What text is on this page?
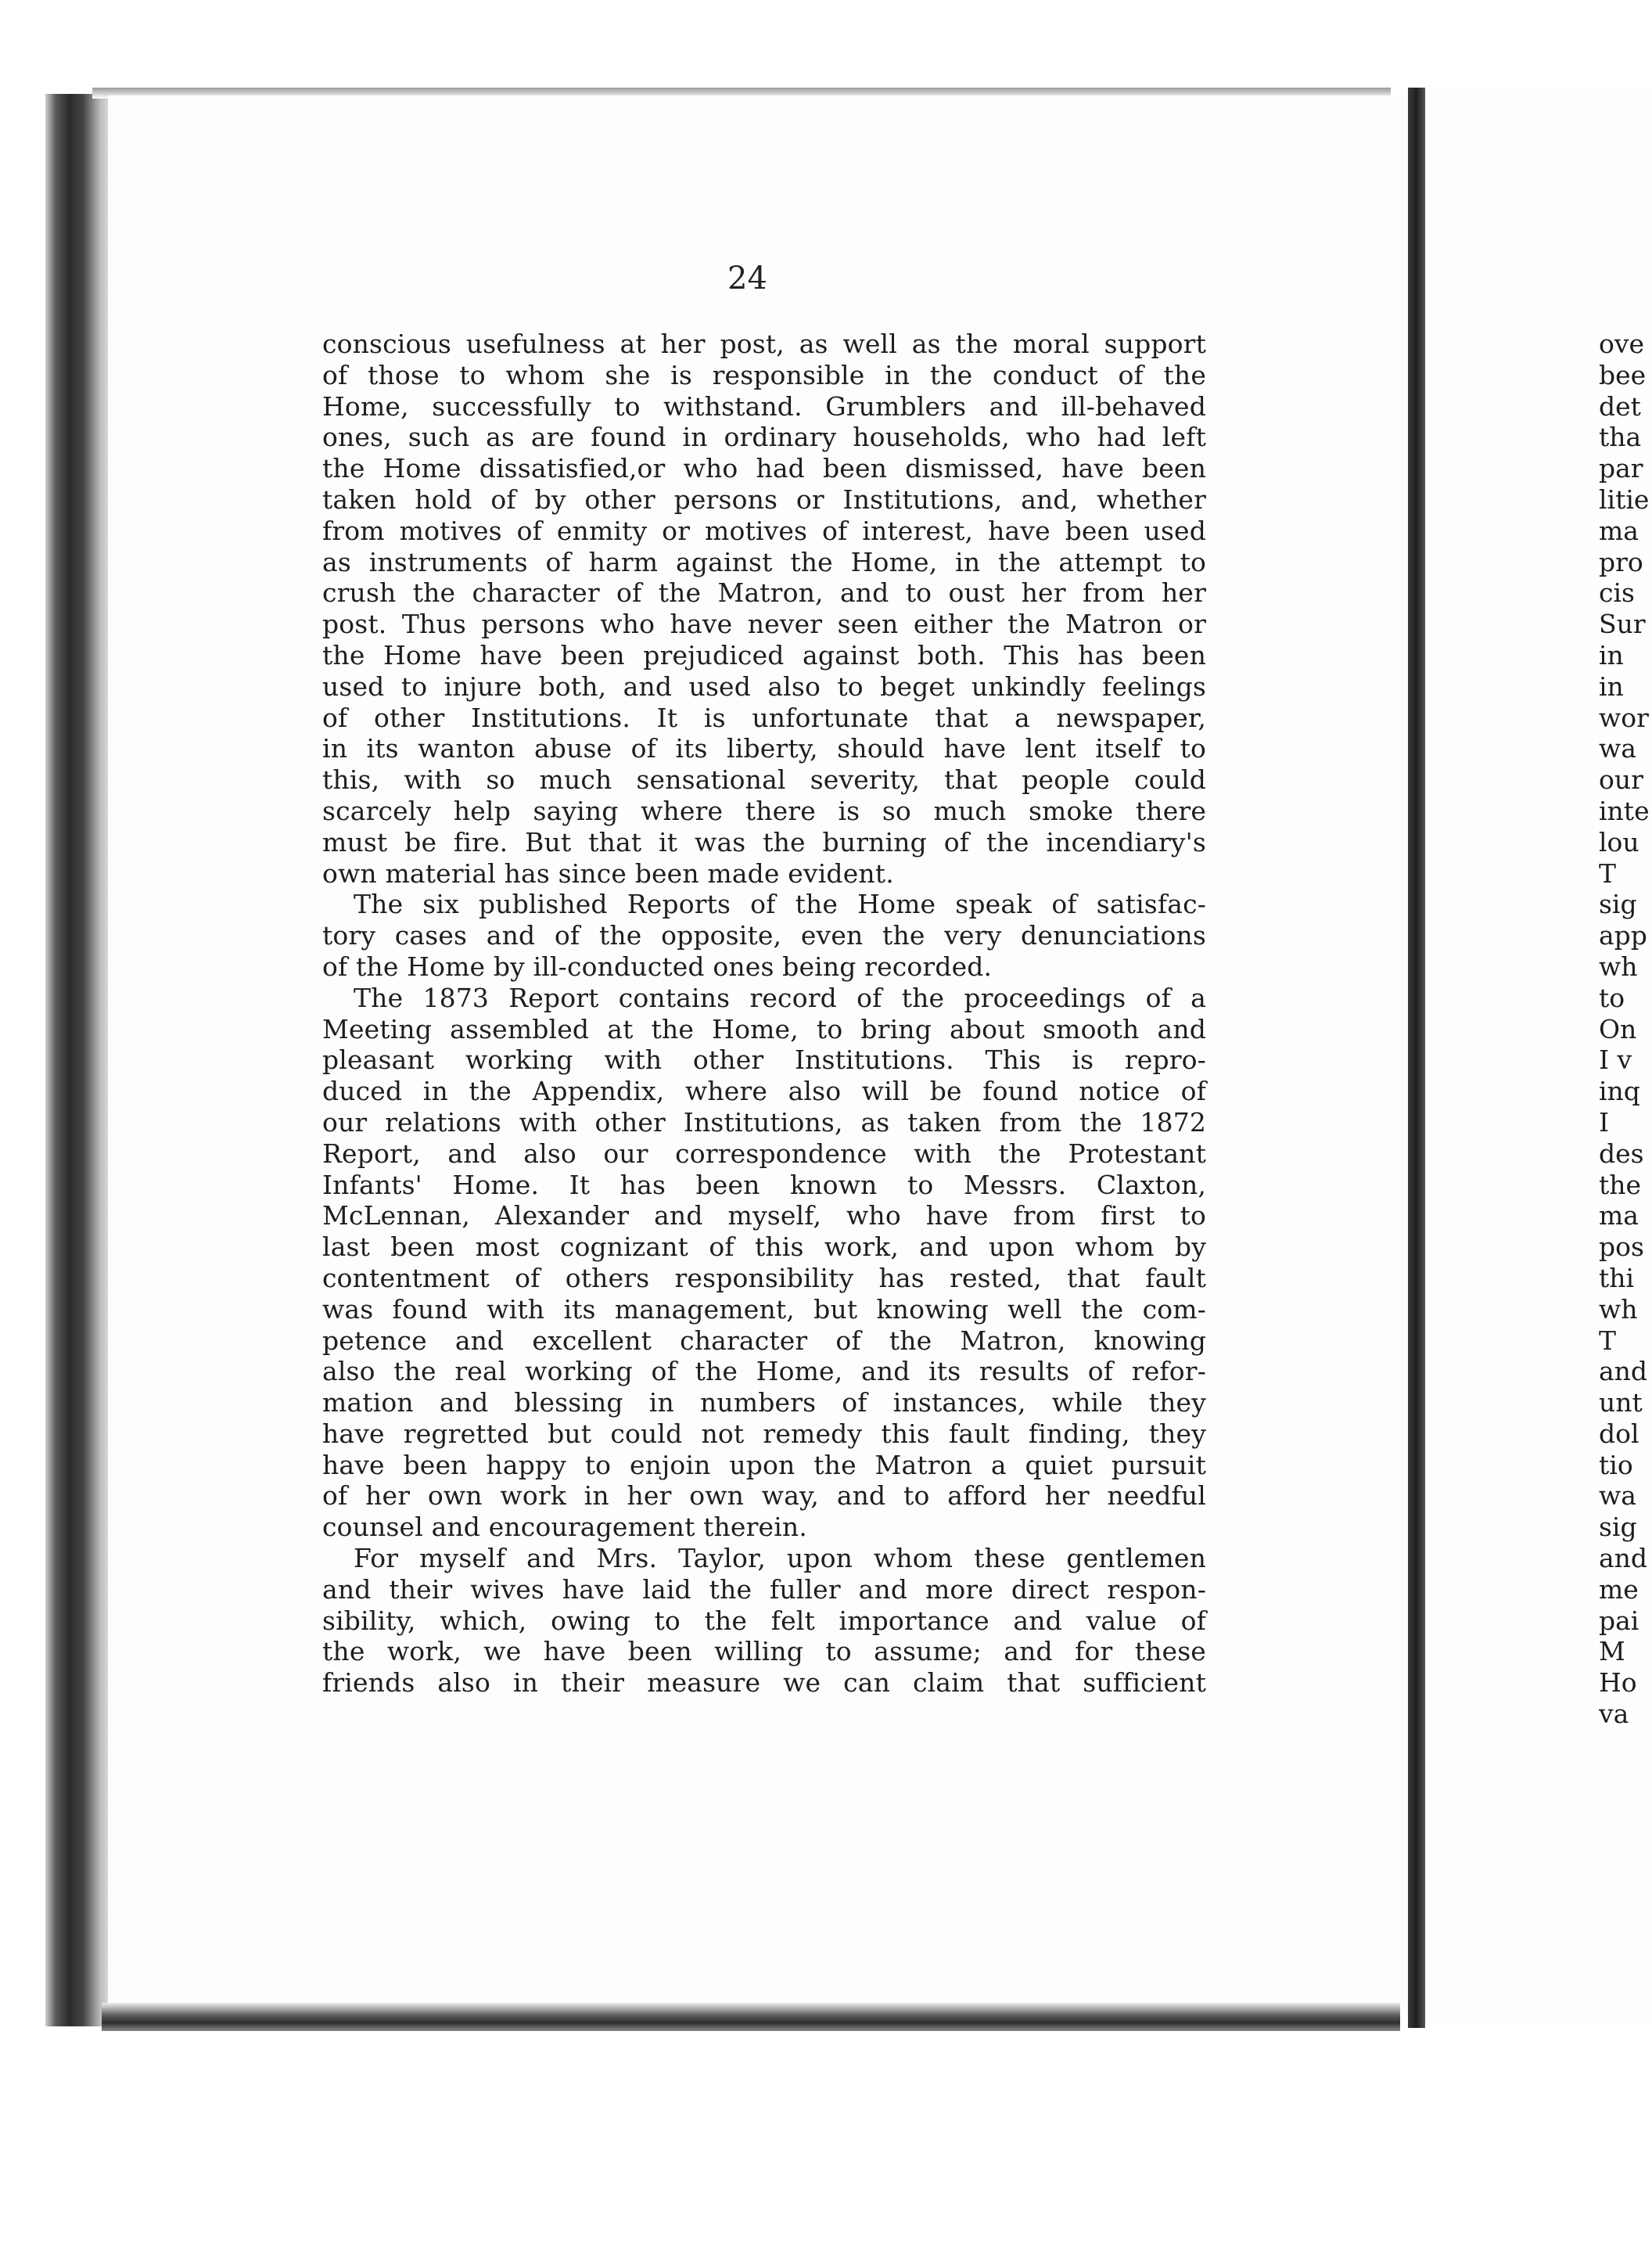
24
conscious usefulness at her post, as well as the moral support
of those to whom she is responsible in the conduct of the
Home, successfully to withstand. Grumblers and ill-behaved
ones, such as are found in ordinary households, who had left
the Home dissatisfied,or who had been dismissed, have been
taken hold of by other persons or Institutions, and, whether
from motives of enmity or motives of interest, have been used
as instruments of harm against the Home, in the attempt to
crush the character of the Matron, and to oust her from her
post. Thus persons who have never seen either the Matron or
the Home have been prejudiced against both. This has been
used to injure both, and used also to beget unkindly feelings
of other Institutions. It is unfortunate that a newspaper,
in its wanton abuse of its liberty, should have lent itself to
this, with so much sensational severity, that people could
scarcely help saying where there is so much smoke there
must be fire. But that it was the burning of the incendiary's
own material has since been made evident.
The six published Reports of the Home speak of satisfac-
tory cases and of the opposite, even the very denunciations
of the Home by ill-conducted ones being recorded.
The 1873 Report contains record of the proceedings of a
Meeting assembled at the Home, to bring about smooth and
pleasant working with other Institutions. This is repro-
duced in the Appendix, where also will be found notice of
our relations with other Institutions, as taken from the 1872
Report, and also our correspondence with the Protestant
Infants' Home. It has been known to Messrs. Claxton,
McLennan, Alexander and myself, who have from first to
last been most cognizant of this work, and upon whom by
contentment of others responsibility has rested, that fault
was found with its management, but knowing well the com-
petence and excellent character of the Matron, knowing
also the real working of the Home, and its results of refor-
mation and blessing in numbers of instances, while they
have regretted but could not remedy this fault finding, they
have been happy to enjoin upon the Matron a quiet pursuit
of her own work in her own way, and to afford her needful
counsel and encouragement therein.
For myself and Mrs. Taylor, upon whom these gentlemen
and their wives have laid the fuller and more direct respon-
sibility, which, owing to the felt importance and value of
the work, we have been willing to assume; and for these
friends also in their measure we can claim that sufficient
ove
bee
det
tha
par
litie
ma
pro
cis
Sur
in
in
wor
wa
our
inte
lou
T
sig
app
wh
to
On
I v
inq
I
des
the
ma
pos
thi
wh
T
and
unt
dol
tio
wa
sig
and
me
pai
M
Ho
va
